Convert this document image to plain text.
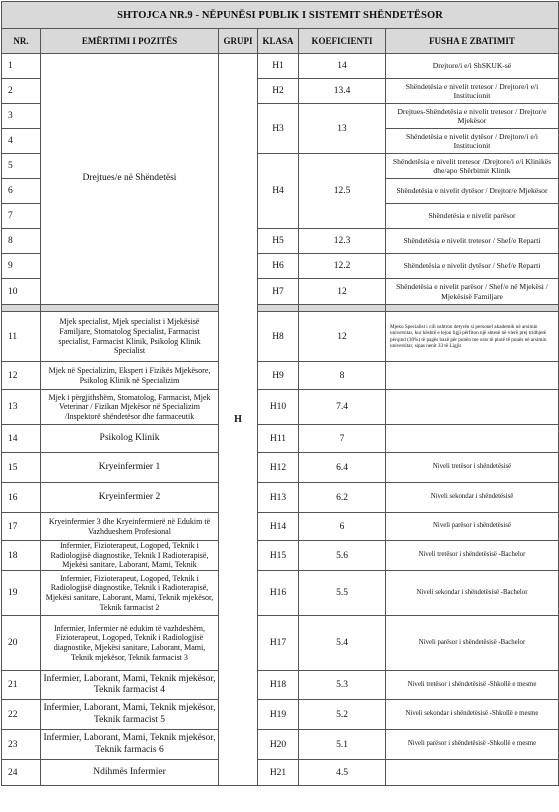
SHTOJCA NR.9 - NËPUNËSI PUBLIK I SISTEMIT SHËNDETËSOR					
NR.	EMËRTIMI I POZITËS	GRUPI	KLASA	KOEFICIENTI	FUSHA E ZBATIMIT
1	Drejtues/e në Shëndetësi	H	H1	14	Drejtore/i e/i ShSKUK-së
2			H2	13.4	Shëndetësia e nivelit tretesor / Drejtore/i e/i Institucionit
3			H3	13	Drejtues-Shëndetësia e nivelit tretesor / Drejtor/e Mjekësor
4					Shëndetësia e nivelit dytësor / Drejtore/i e/i Institucionit
5			H4	12.5	Shëndetësia e nivelit tretesor /Drejtore/i e/i Klinikës dhe/apo Shërbimit Klinik
6					Shëndetësia e nivelit dytësor / Drejtor/e Mjekësor
7					Shëndetësia e nivelit parësor
8			H5	12.3	Shëndetësia e nivelit tretesor / Shef/e Reparti
9			H6	12.2	Shëndetësia e nivelit dytësor / Shef/e Reparti
10			H7	12	Shëndetësia e nivelit parësor / Shef/e në Mjekësi / Mjekësisë Familjare

11	Mjek specialist, Mjek specialist i Mjekësisë Familjare, Stomatolog Specialist, Farmacist specialist, Farmacist Klinik, Psikolog Klinik Specialist		H8	12	Mjeku Specialist i cili ushtron detyrën si personel akademik në arsimin universitar, kur kështë e lejon ligji përfiton një shtesë në vlerë prej tridhjetë përqind (30%) të pagës bazë për punën me orar të plotë të punës në arsimin universitar, sipas nenit 33 të Ligjit
12	Mjek në Specializim, Ekspert i Fizikës Mjekësore, Psikolog Klinik në Specializim		H9	8	
13	Mjek i përgjithshëm, Stomatolog, Farmacist, Mjek Veterinar / Fizikan Mjekësor në Specializim /Inspektorë shëndetësor dhe farmaceutik		H10	7.4	
14	Psikolog Klinik		H11	7	
15	Kryeinfermier 1		H12	6.4	Niveli tretësor i shëndetësisë
16	Kryeinfermier 2		H13	6.2	Niveli sekondar i shëndetësisë
17	Kryeinfermier 3 dhe Kryeinfermierë në Edukim të Vazhdueshem Profesional		H14	6	Niveli parësor i shëndetësisë
18	Infermier, Fizioterapeut, Logoped, Teknik i Radiologjisë diagnostike, Teknik I Radioterapisë, Mjekësi sanitare, Laborant, Mami, Teknik		H15	5.6	Niveli tretësor i shëndetësisë -Bachelor
19	Infermier, Fizioterapeut, Logoped, Teknik i Radiologjisë diagnostike, Teknik i Radioterapisë, Mjekësi sanitare, Laborant, Mami, Teknik mjekësor, Teknik farmacist 2		H16	5.5	Niveli sekondar i shëndetësisë -Bachelor
20	Infermier, Infermier në edukim të vazhdeshëm, Fizioterapeut, Logoped, Teknik i Radiologjisë diagnostike, Mjekësi sanitare, Laborant, Mami, Teknik mjekësor, Teknik farmacist 3		H17	5.4	Niveli parësor i shëndetësisë -Bachelor
21	Infermier, Laborant, Mami, Teknik mjekësor, Teknik farmacist 4		H18	5.3	Niveli tretësor i shëndetësisë -Shkollë e mesme
22	Infermier, Laborant, Mami, Teknik mjekësor, Teknik farmacist 5		H19	5.2	Niveli sekondar i shëndetësisë -Shkollë e mesme
23	Infermier, Laborant, Mami, Teknik mjekësor, Teknik farmacis 6		H20	5.1	Niveli parësor i shëndetësisë -Shkollë e mesme
24	Ndihmës Infermier		H21	4.5	
